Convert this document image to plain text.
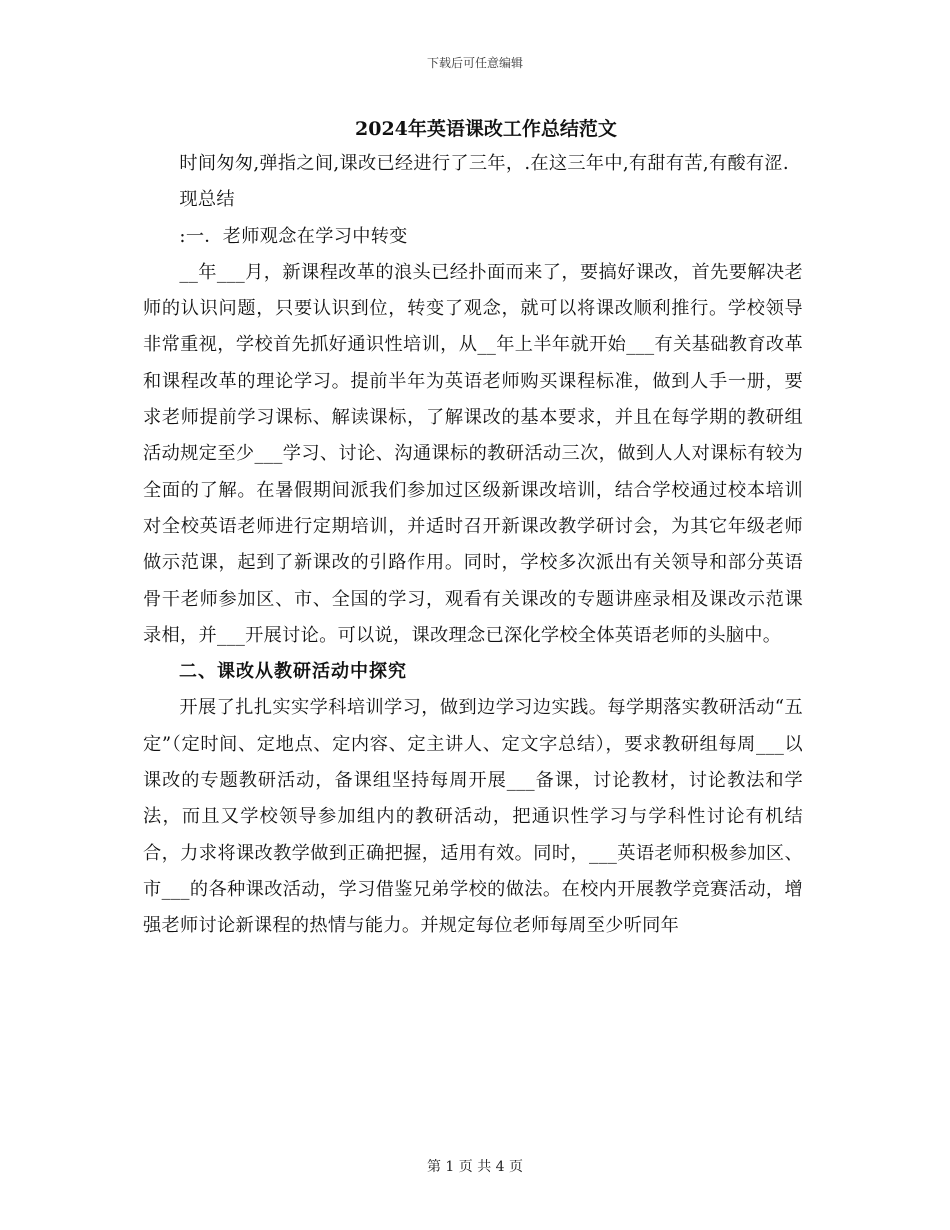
下载后可任意编辑
2024年英语课改工作总结范文

时间匆匆,弹指之间,课改已经进行了三年，.在这三年中,有甜有苦,有酸有涩.

现总结

:一．老师观念在学习中转变

__年___月，新课程改革的浪头已经扑面而来了，要搞好课改，首先要解决老师的认识问题，只要认识到位，转变了观念，就可以将课改顺利推行。学校领导非常重视，学校首先抓好通识性培训，从__年上半年就开始___有关基础教育改革和课程改革的理论学习。提前半年为英语老师购买课程标准，做到人手一册，要求老师提前学习课标、解读课标，了解课改的基本要求，并且在每学期的教研组活动规定至少___学习、讨论、沟通课标的教研活动三次，做到人人对课标有较为全面的了解。在暑假期间派我们参加过区级新课改培训，结合学校通过校本培训对全校英语老师进行定期培训，并适时召开新课改教学研讨会，为其它年级老师做示范课，起到了新课改的引路作用。同时，学校多次派出有关领导和部分英语骨干老师参加区、市、全国的学习，观看有关课改的专题讲座录相及课改示范课录相，并___开展讨论。可以说，课改理念已深化学校全体英语老师的头脑中。

二、课改从教研活动中探究

开展了扎扎实实学科培训学习，做到边学习边实践。每学期落实教研活动“五定”（定时间、定地点、定内容、定主讲人、定文字总结），要求教研组每周___以课改的专题教研活动，备课组坚持每周开展___备课，讨论教材，讨论教法和学法，而且又学校领导参加组内的教研活动，把通识性学习与学科性讨论有机结合，力求将课改教学做到正确把握，适用有效。同时，___英语老师积极参加区、市___的各种课改活动，学习借鉴兄弟学校的做法。在校内开展教学竞赛活动，增强老师讨论新课程的热情与能力。并规定每位老师每周至少听同年

第 1 页 共 4 页
